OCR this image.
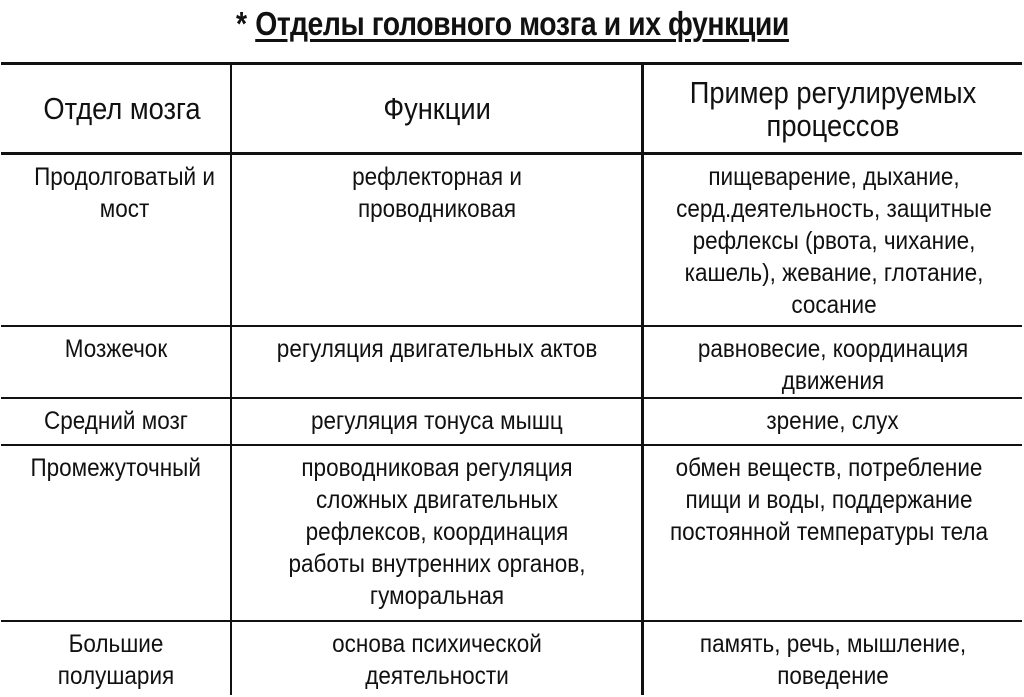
* Отделы головного мозга и их функции
Отдел мозга	Функции	Пример регулируемых процессов
Продолговатый и мост	рефлекторная и проводниковая	пищеварение, дыхание, серд.деятельность, защитные рефлексы (рвота, чихание, кашель), жевание, глотание, сосание
Мозжечок	регуляция двигательных актов	равновесие, координация движения
Средний мозг	регуляция тонуса мышц	зрение, слух
Промежуточный	проводниковая регуляция сложных двигательных рефлексов, координация работы внутренних органов, гуморальная	обмен веществ, потребление пищи и воды, поддержание постоянной температуры тела
Большие полушария	основа психической деятельности	память, речь, мышление, поведение
